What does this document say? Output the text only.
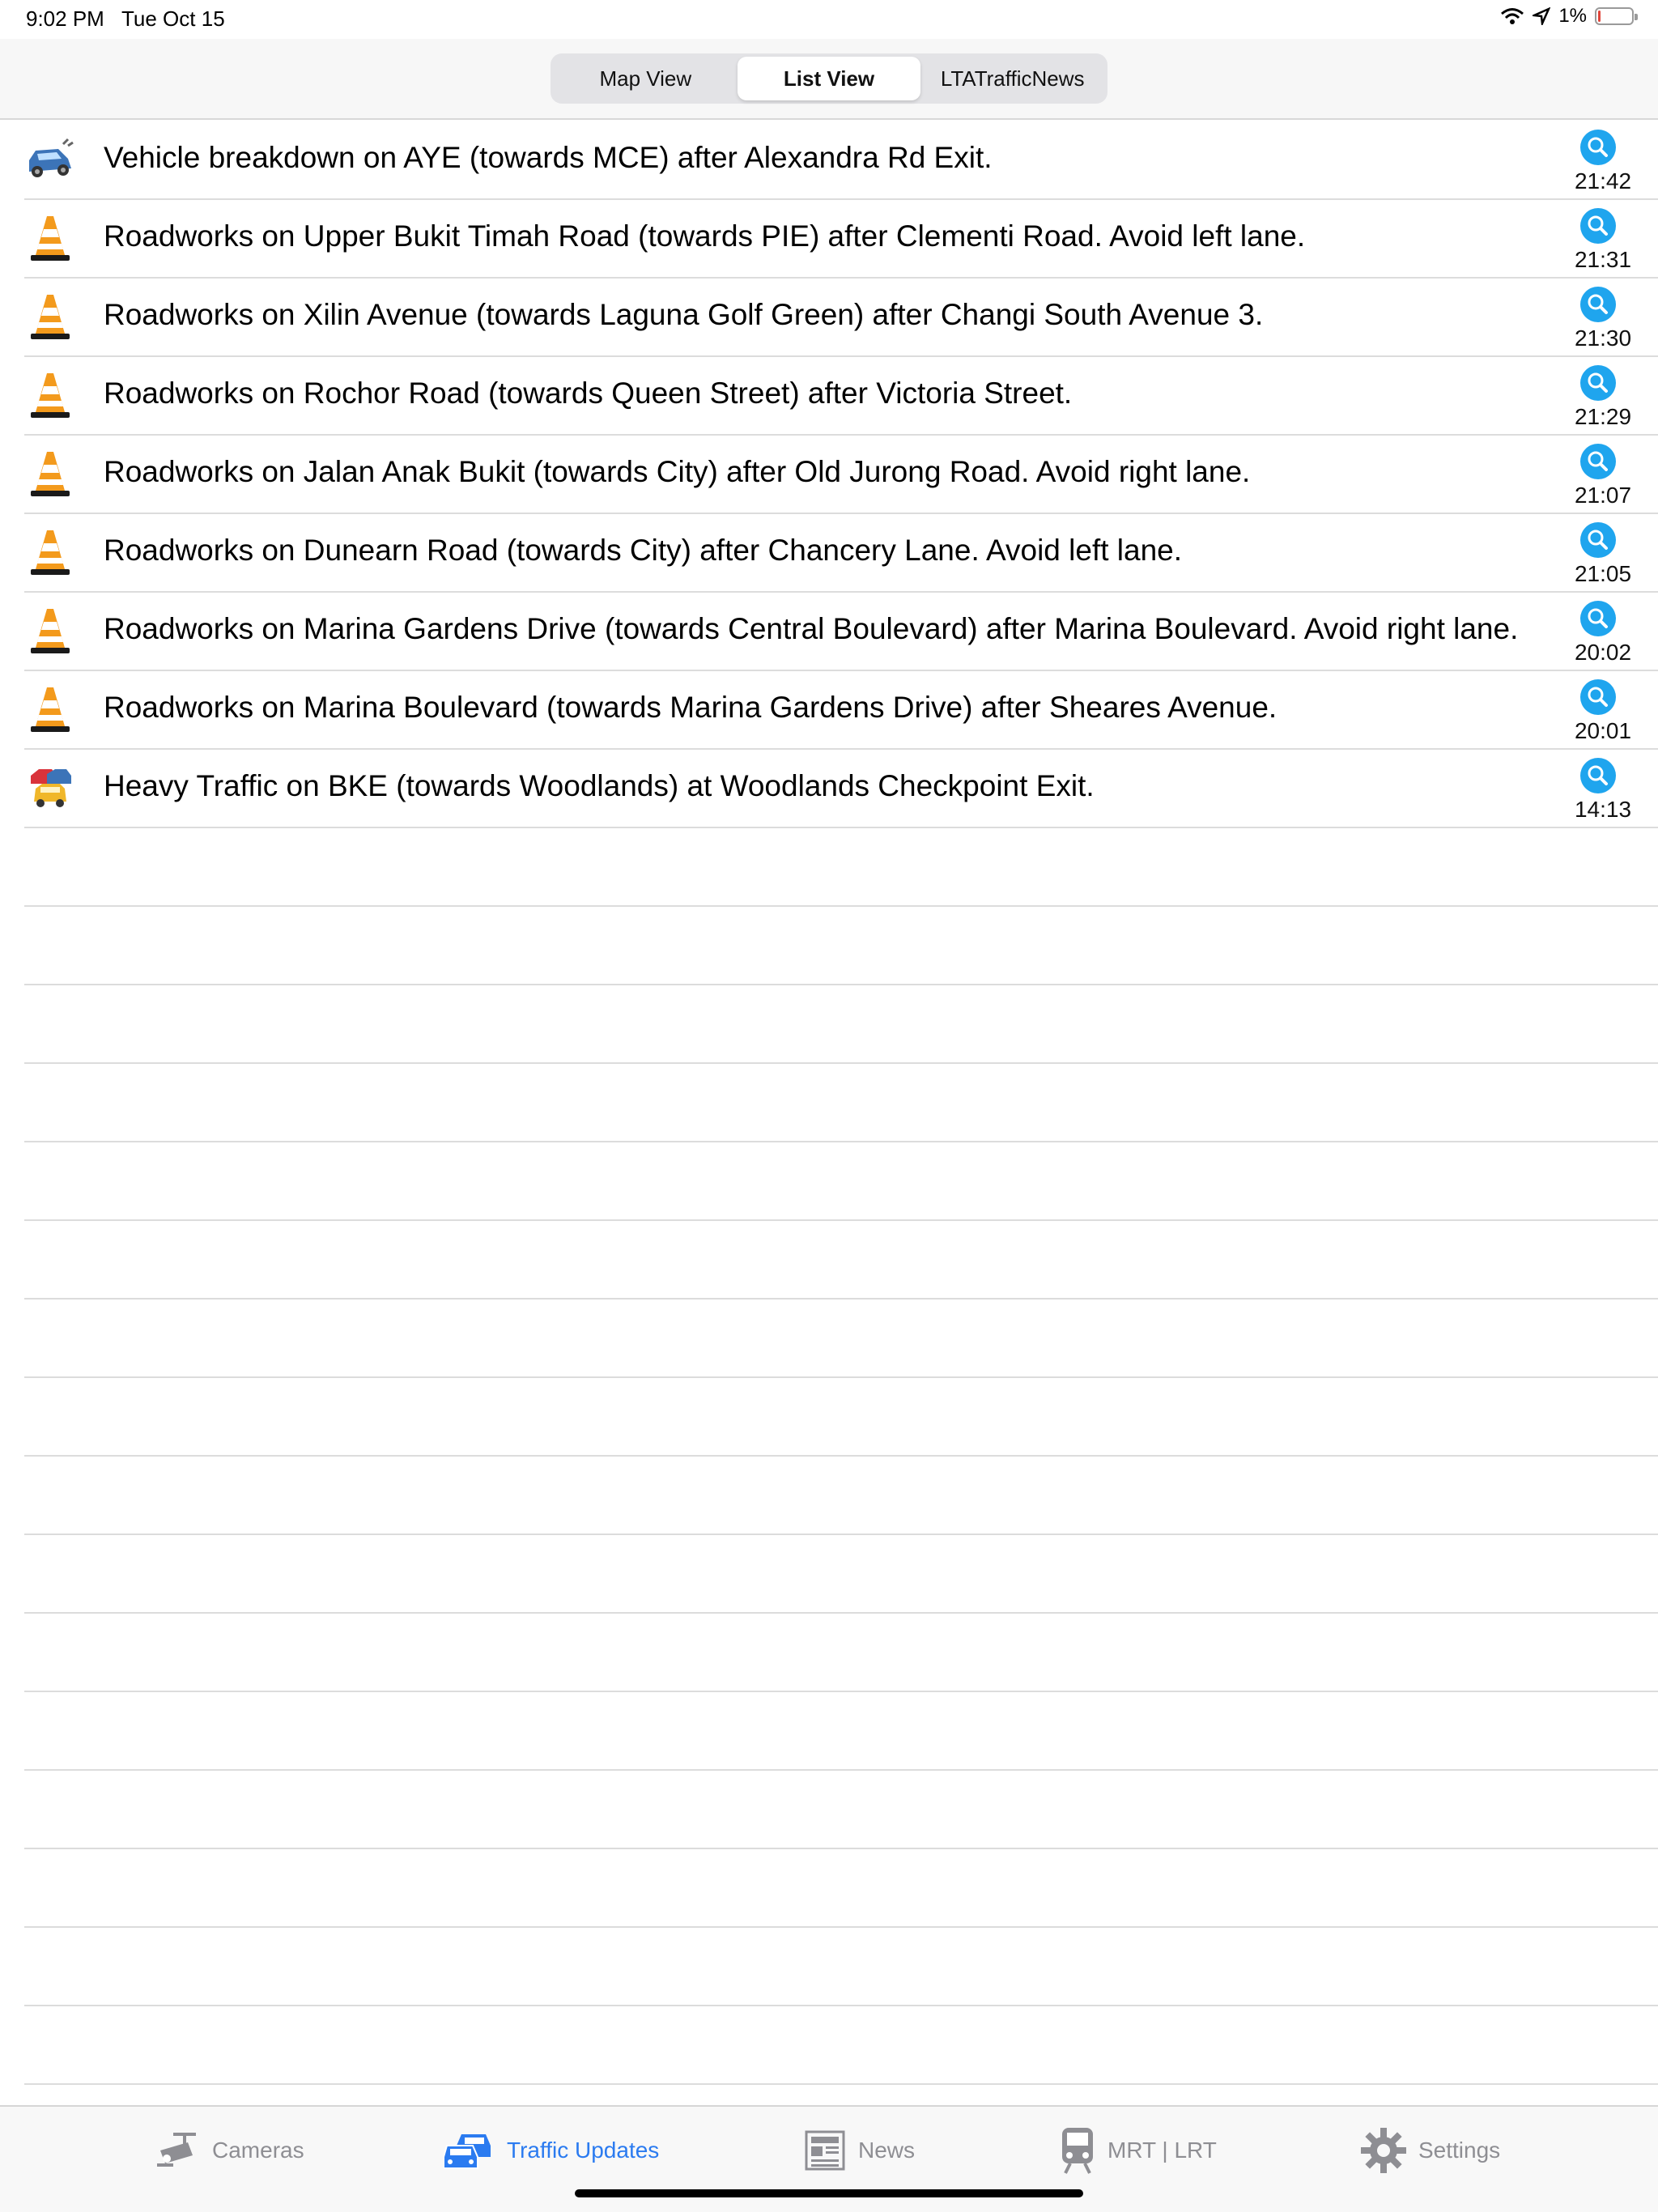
9:02 PM Tue Oct 15	1%
Map View	List View	LTATrafficNews
Vehicle breakdown on AYE (towards MCE) after Alexandra Rd Exit.
21:42
Roadworks on Upper Bukit Timah Road (towards PIE) after Clementi Road. Avoid left lane.
21:31
Roadworks on Xilin Avenue (towards Laguna Golf Green) after Changi South Avenue 3.
21:30
Roadworks on Rochor Road (towards Queen Street) after Victoria Street.
21:29
Roadworks on Jalan Anak Bukit (towards City) after Old Jurong Road. Avoid right lane.
21:07
Roadworks on Dunearn Road (towards City) after Chancery Lane. Avoid left lane.
21:05
Roadworks on Marina Gardens Drive (towards Central Boulevard) after Marina Boulevard. Avoid right lane.
20:02
Roadworks on Marina Boulevard (towards Marina Gardens Drive) after Sheares Avenue.
20:01
Heavy Traffic on BKE (towards Woodlands) at Woodlands Checkpoint Exit.
14:13
Cameras	Traffic Updates	News	MRT | LRT	Settings
